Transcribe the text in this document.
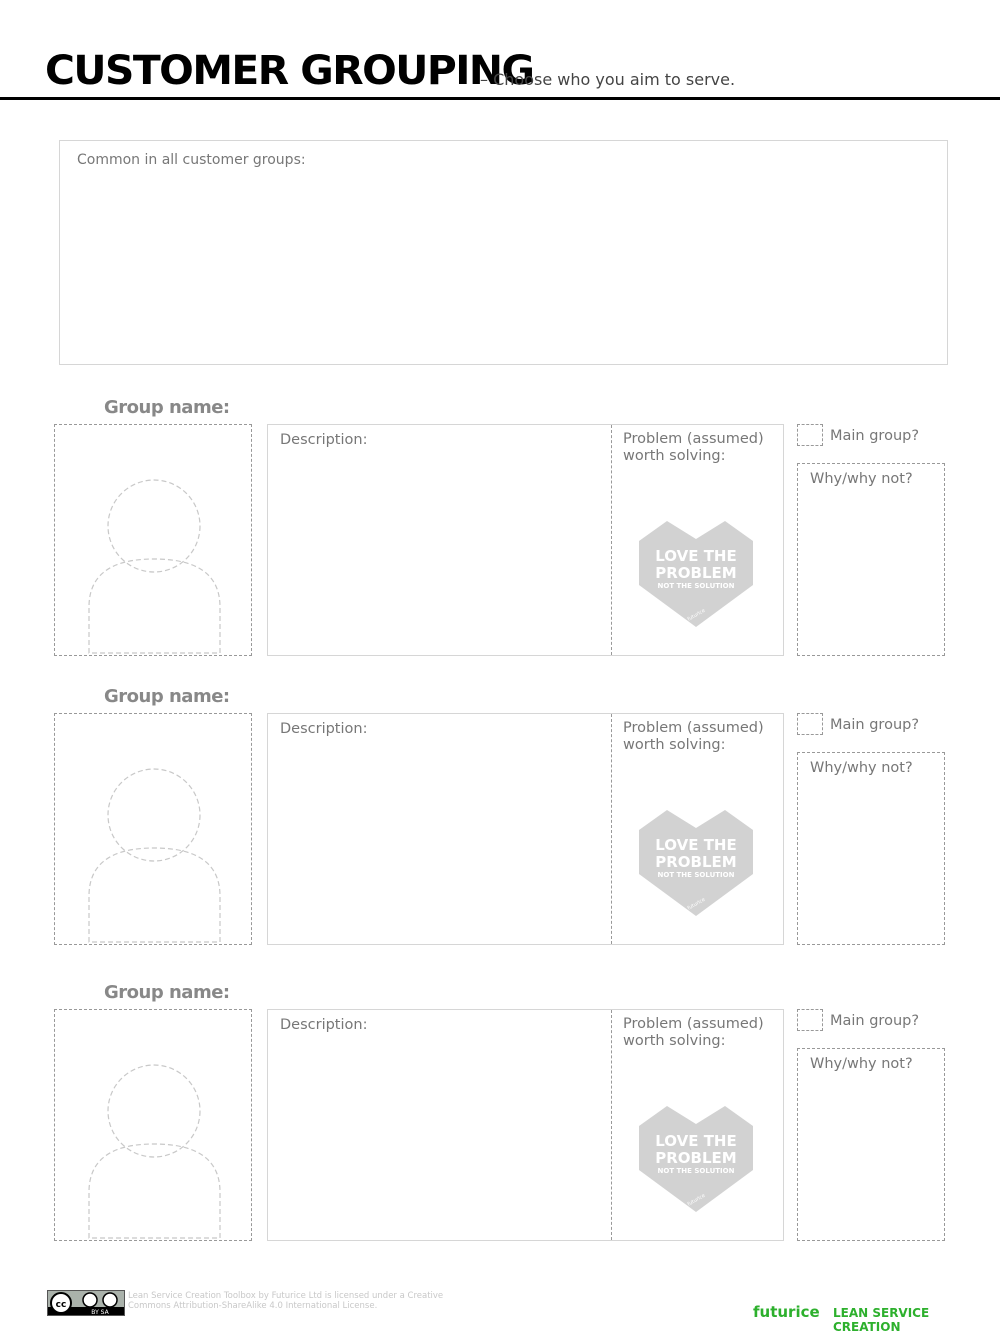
CUSTOMER GROUPING
– Choose who you aim to serve.
Common in all customer groups:
Group name:
Description:	Problem (assumed) worth solving:
LOVE THE
PROBLEM
NOT THE SOLUTION
futurice
Main group?
Why/why not?
Group name:
Description:	Problem (assumed) worth solving:
LOVE THE
PROBLEM
NOT THE SOLUTION
futurice
Main group?
Why/why not?
Group name:
Description:	Problem (assumed) worth solving:
LOVE THE
PROBLEM
NOT THE SOLUTION
futurice
Main group?
Why/why not?
cc
BY SA
Lean Service Creation Toolbox by Futurice Ltd is licensed under a Creative Commons Attribution-ShareAlike 4.0 International License.	futurice LEAN SERVICE CREATION
